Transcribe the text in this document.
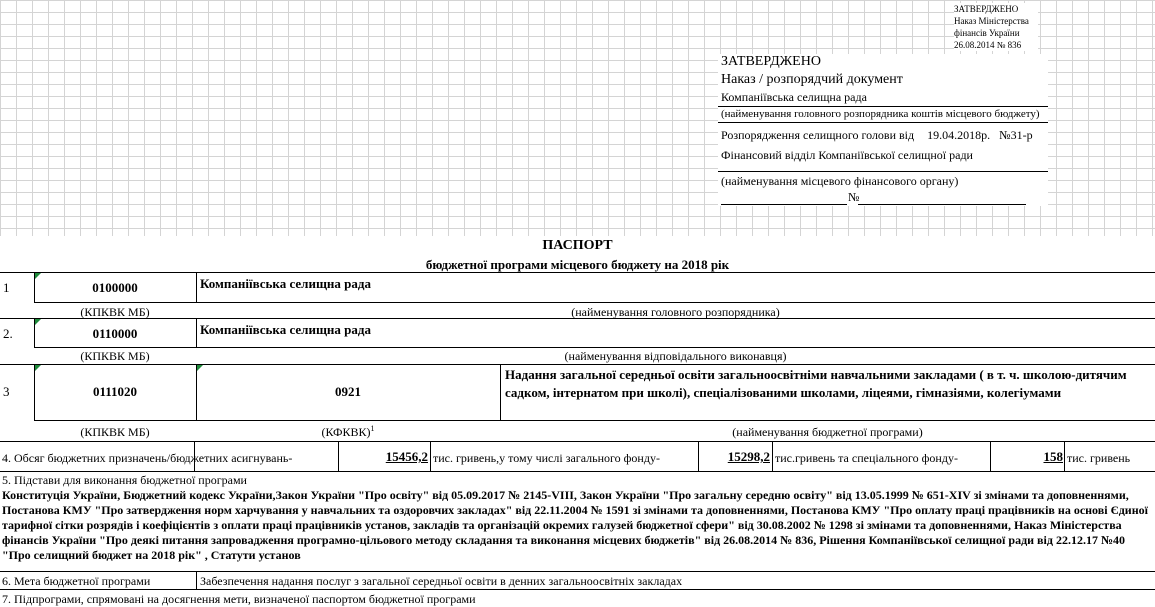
ЗАТВЕРДЖЕНО
Наказ Міністерства
фінансів України
26.08.2014 № 836
ЗАТВЕРДЖЕНО
Наказ / розпорядчий документ
Компаніївська селищна рада
(найменування головного розпорядника коштів місцевого бюджету)
Розпорядження селищного голови від 19.04.2018р. №31-р
Фінансовий відділ Компаніївської селищної ради
(найменування місцевого фінансового органу)
№
ПАСПОРТ
бюджетної програми місцевого бюджету на 2018 рік
1	0100000	Компаніївська селищна рада
(КПКВК МБ)	(найменування головного розпорядника)
2.	0110000	Компаніївська селищна рада
(КПКВК МБ)	(найменування відповідального виконавця)
3	0111020	0921
Надання загальної середньої освіти загальноосвітніми навчальними закладами ( в т. ч. школою-дитячим садком, інтернатом при школі), спеціалізованими школами, ліцеями, гімназіями, колегіумами
(КПКВК МБ)	(КФКВК)$^1$	(найменування бюджетної програми)
4. Обсяг бюджетних призначень/бюджетних асигнувань-	15456,2 тис. гривень,у тому числі загального фонду-	15298,2 тис.гривень та спеціального фонду-	158 тис. гривень
5. Підстави для виконання бюджетної програми
Конституція України, Бюджетний кодекс України,Закон України "Про освіту" від 05.09.2017 № 2145-VIII, Закон України "Про загальну середню освіту" від 13.05.1999 № 651-XIV зі змінами та доповненнями, Постанова КМУ "Про затвердження норм харчування у навчальних та оздоровчих закладах" від 22.11.2004 № 1591 зі змінами та доповненнями, Постанова КМУ "Про оплату праці працівників на основі Єдиної тарифної сітки розрядів і коефіцієнтів з оплати праці працівників установ, закладів та організацій окремих галузей бюджетної сфери" від 30.08.2002 № 1298 зі змінами та доповненнями, Наказ Міністерства фінансів України "Про деякі питання запровадження програмно-цільового методу складання та виконання місцевих бюджетів" від 26.08.2014 № 836, Рішення Компаніївської селищної ради від 22.12.17 №40 "Про селищний бюджет на 2018 рік" , Статути установ
6. Мета бюджетної програми	Забезпечення надання послуг з загальної середньої освіти в денних загальноосвітніх закладах
7. Підпрограми, спрямовані на досягнення мети, визначеної паспортом бюджетної програми
